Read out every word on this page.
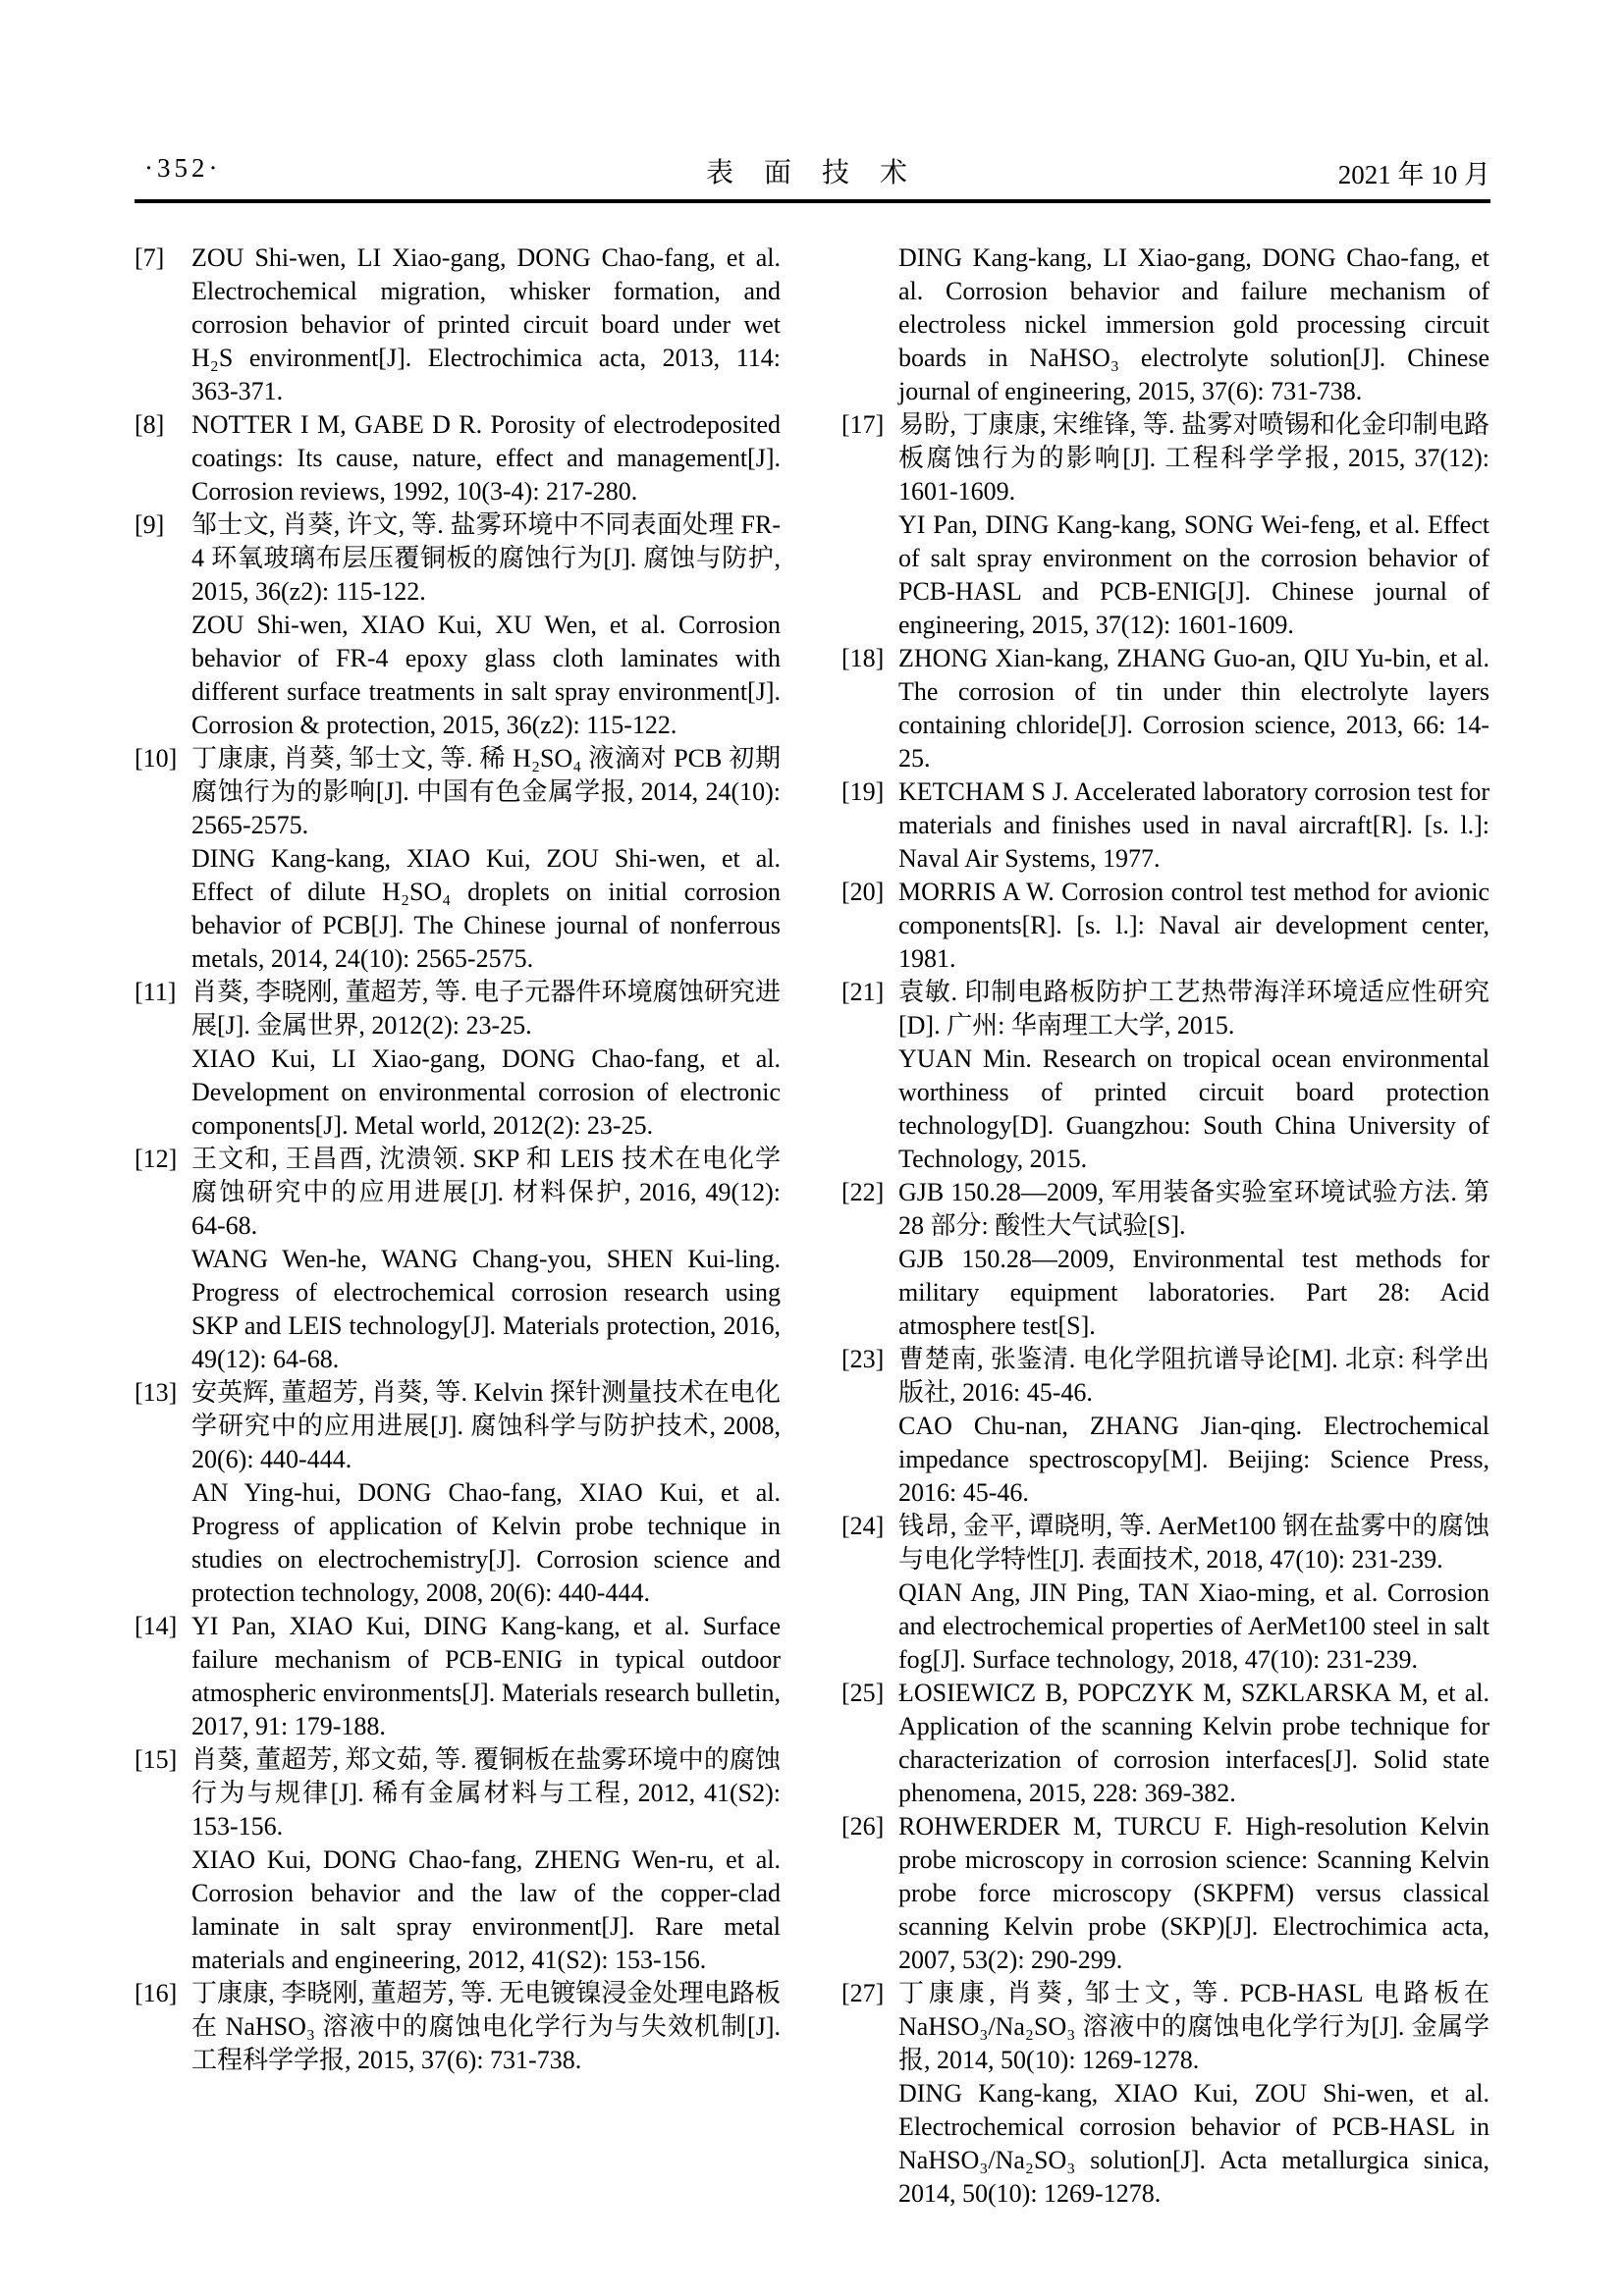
·352·	表 面 技 术	2021 年 10 月
[7]	ZOU Shi-wen, LI Xiao-gang, DONG Chao-fang, et al. Electrochemical migration, whisker formation, and corrosion behavior of printed circuit board under wet H₂S environment[J]. Electrochimica acta, 2013, 114: 363-371.

[8]	NOTTER I M, GABE D R. Porosity of electrodeposited coatings: Its cause, nature, effect and management[J]. Corrosion reviews, 1992, 10(3-4): 217-280.

[9]	邹士文, 肖葵, 许文, 等. 盐雾环境中不同表面处理 FR-4 环氧玻璃布层压覆铜板的腐蚀行为[J]. 腐蚀与防护, 2015, 36(z2): 115-122.

ZOU Shi-wen, XIAO Kui, XU Wen, et al. Corrosion behavior of FR-4 epoxy glass cloth laminates with different surface treatments in salt spray environment[J]. Corrosion & protection, 2015, 36(z2): 115-122.

[10] 丁康康, 肖葵, 邹士文, 等. 稀 H₂SO₄ 液滴对 PCB 初期腐蚀行为的影响[J]. 中国有色金属学报, 2014, 24(10): 2565-2575.

DING Kang-kang, XIAO Kui, ZOU Shi-wen, et al. Effect of dilute H₂SO₄ droplets on initial corrosion behavior of PCB[J]. The Chinese journal of nonferrous metals, 2014, 24(10): 2565-2575.

[11] 肖葵, 李晓刚, 董超芳, 等. 电子元器件环境腐蚀研究进展[J]. 金属世界, 2012(2): 23-25.

XIAO Kui, LI Xiao-gang, DONG Chao-fang, et al. Development on environmental corrosion of electronic components[J]. Metal world, 2012(2): 23-25.

[12] 王文和, 王昌酉, 沈溃领. SKP 和 LEIS 技术在电化学腐蚀研究中的应用进展[J]. 材料保护, 2016, 49(12): 64-68.

WANG Wen-he, WANG Chang-you, SHEN Kui-ling. Progress of electrochemical corrosion research using SKP and LEIS technology[J]. Materials protection, 2016, 49(12): 64-68.

[13] 安英辉, 董超芳, 肖葵, 等. Kelvin 探针测量技术在电化学研究中的应用进展[J]. 腐蚀科学与防护技术, 2008, 20(6): 440-444.

AN Ying-hui, DONG Chao-fang, XIAO Kui, et al. Progress of application of Kelvin probe technique in studies on electrochemistry[J]. Corrosion science and protection technology, 2008, 20(6): 440-444.

[14] YI Pan, XIAO Kui, DING Kang-kang, et al. Surface failure mechanism of PCB-ENIG in typical outdoor atmospheric environments[J]. Materials research bulletin, 2017, 91: 179-188.

[15] 肖葵, 董超芳, 郑文茹, 等. 覆铜板在盐雾环境中的腐蚀行为与规律[J]. 稀有金属材料与工程, 2012, 41(S2): 153-156.

XIAO Kui, DONG Chao-fang, ZHENG Wen-ru, et al. Corrosion behavior and the law of the copper-clad laminate in salt spray environment[J]. Rare metal materials and engineering, 2012, 41(S2): 153-156.

[16] 丁康康, 李晓刚, 董超芳, 等. 无电镀镍浸金处理电路板在 NaHSO₃ 溶液中的腐蚀电化学行为与失效机制[J]. 工程科学学报, 2015, 37(6): 731-738.

DING Kang-kang, LI Xiao-gang, DONG Chao-fang, et al. Corrosion behavior and failure mechanism of electroless nickel immersion gold processing circuit boards in NaHSO₃ electrolyte solution[J]. Chinese journal of engineering, 2015, 37(6): 731-738.

[17] 易盼, 丁康康, 宋维锋, 等. 盐雾对喷锡和化金印制电路板腐蚀行为的影响[J]. 工程科学学报, 2015, 37(12): 1601-1609.

YI Pan, DING Kang-kang, SONG Wei-feng, et al. Effect of salt spray environment on the corrosion behavior of PCB-HASL and PCB-ENIG[J]. Chinese journal of engineering, 2015, 37(12): 1601-1609.

[18] ZHONG Xian-kang, ZHANG Guo-an, QIU Yu-bin, et al. The corrosion of tin under thin electrolyte layers containing chloride[J]. Corrosion science, 2013, 66: 14-25.

[19] KETCHAM S J. Accelerated laboratory corrosion test for materials and finishes used in naval aircraft[R]. [s. l.]: Naval Air Systems, 1977.

[20] MORRIS A W. Corrosion control test method for avionic components[R]. [s. l.]: Naval air development center, 1981.

[21] 袁敏. 印制电路板防护工艺热带海洋环境适应性研究[D]. 广州: 华南理工大学, 2015.

YUAN Min. Research on tropical ocean environmental worthiness of printed circuit board protection technology[D]. Guangzhou: South China University of Technology, 2015.

[22] GJB 150.28—2009, 军用装备实验室环境试验方法. 第 28 部分: 酸性大气试验[S].

GJB 150.28—2009, Environmental test methods for military equipment laboratories. Part 28: Acid atmosphere test[S].

[23] 曹楚南, 张鉴清. 电化学阻抗谱导论[M]. 北京: 科学出版社, 2016: 45-46.

CAO Chu-nan, ZHANG Jian-qing. Electrochemical impedance spectroscopy[M]. Beijing: Science Press, 2016: 45-46.

[24] 钱昂, 金平, 谭晓明, 等. AerMet100 钢在盐雾中的腐蚀与电化学特性[J]. 表面技术, 2018, 47(10): 231-239.

QIAN Ang, JIN Ping, TAN Xiao-ming, et al. Corrosion and electrochemical properties of AerMet100 steel in salt fog[J]. Surface technology, 2018, 47(10): 231-239.

[25] ŁOSIEWICZ B, POPCZYK M, SZKLARSKA M, et al. Application of the scanning Kelvin probe technique for characterization of corrosion interfaces[J]. Solid state phenomena, 2015, 228: 369-382.

[26] ROHWERDER M, TURCU F. High-resolution Kelvin probe microscopy in corrosion science: Scanning Kelvin probe force microscopy (SKPFM) versus classical scanning Kelvin probe (SKP)[J]. Electrochimica acta, 2007, 53(2): 290-299.

[27] 丁康康, 肖葵, 邹士文, 等. PCB-HASL 电路板在 NaHSO₃/Na₂SO₃ 溶液中的腐蚀电化学行为[J]. 金属学报, 2014, 50(10): 1269-1278.

DING Kang-kang, XIAO Kui, ZOU Shi-wen, et al. Electrochemical corrosion behavior of PCB-HASL in NaHSO₃/Na₂SO₃ solution[J]. Acta metallurgica sinica, 2014, 50(10): 1269-1278.
